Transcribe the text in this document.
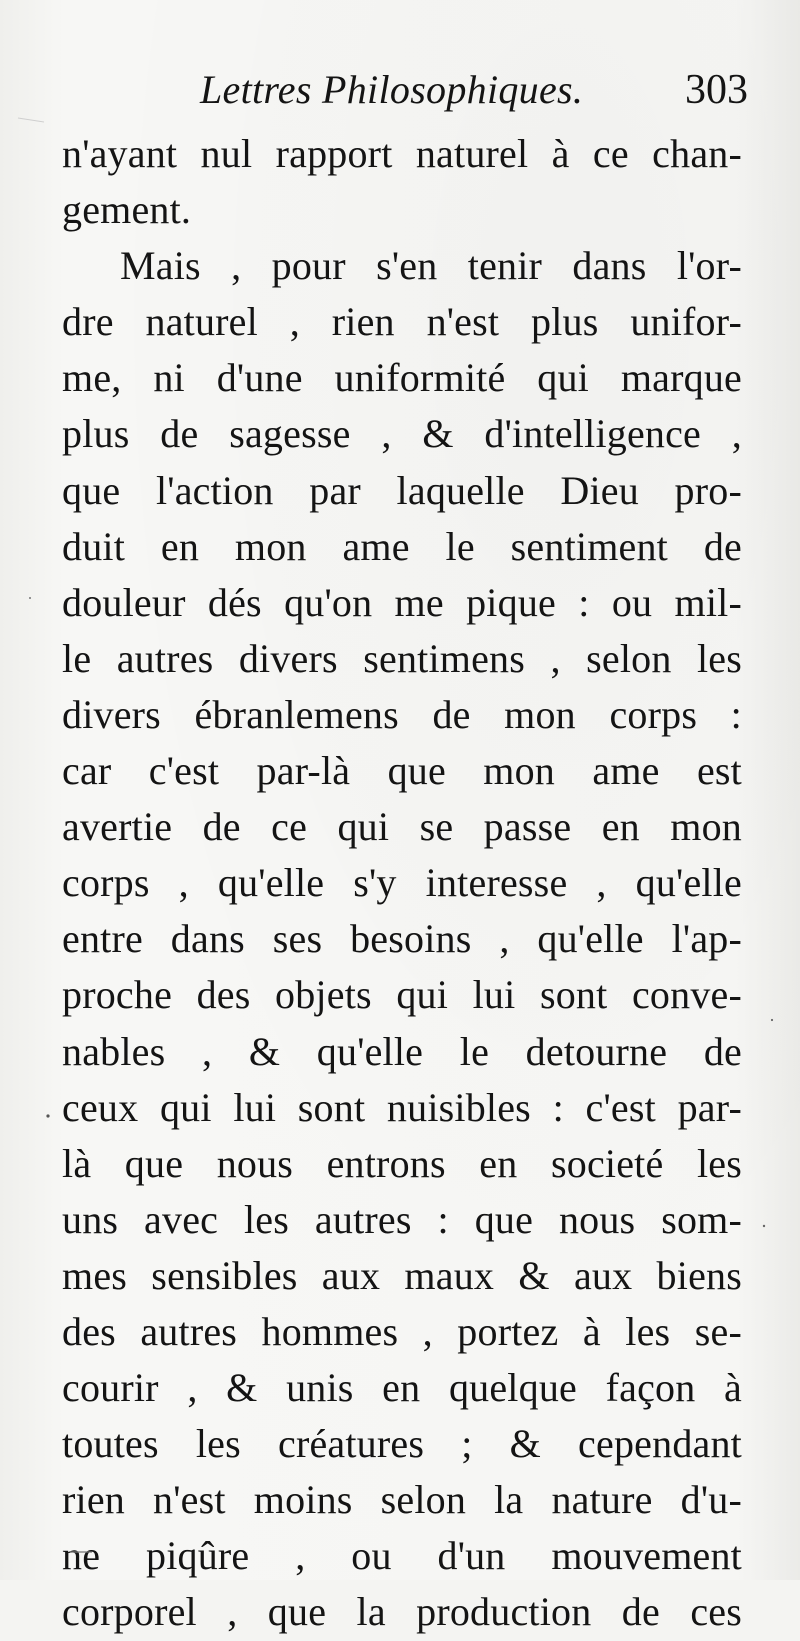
Lettres Philosophiques. 303
n'ayant nul rapport naturel à ce chan-
gement.
Mais , pour s'en tenir dans l'or-
dre naturel , rien n'est plus unifor-
me, ni d'une uniformité qui marque
plus de sagesse , & d'intelligence ,
que l'action par laquelle Dieu pro-
duit en mon ame le sentiment de
douleur dés qu'on me pique : ou mil-
le autres divers sentimens , selon les
divers ébranlemens de mon corps :
car c'est par-là que mon ame est
avertie de ce qui se passe en mon
corps , qu'elle s'y interesse , qu'elle
entre dans ses besoins , qu'elle l'ap-
proche des objets qui lui sont conve-
nables , & qu'elle le detourne de
ceux qui lui sont nuisibles : c'est par-
là que nous entrons en societé les
uns avec les autres : que nous som-
mes sensibles aux maux & aux biens
des autres hommes , portez à les se-
courir , & unis en quelque façon à
toutes les créatures ; & cependant
rien n'est moins selon la nature d'u-
ne piqûre , ou d'un mouvement
corporel , que la production de ces
